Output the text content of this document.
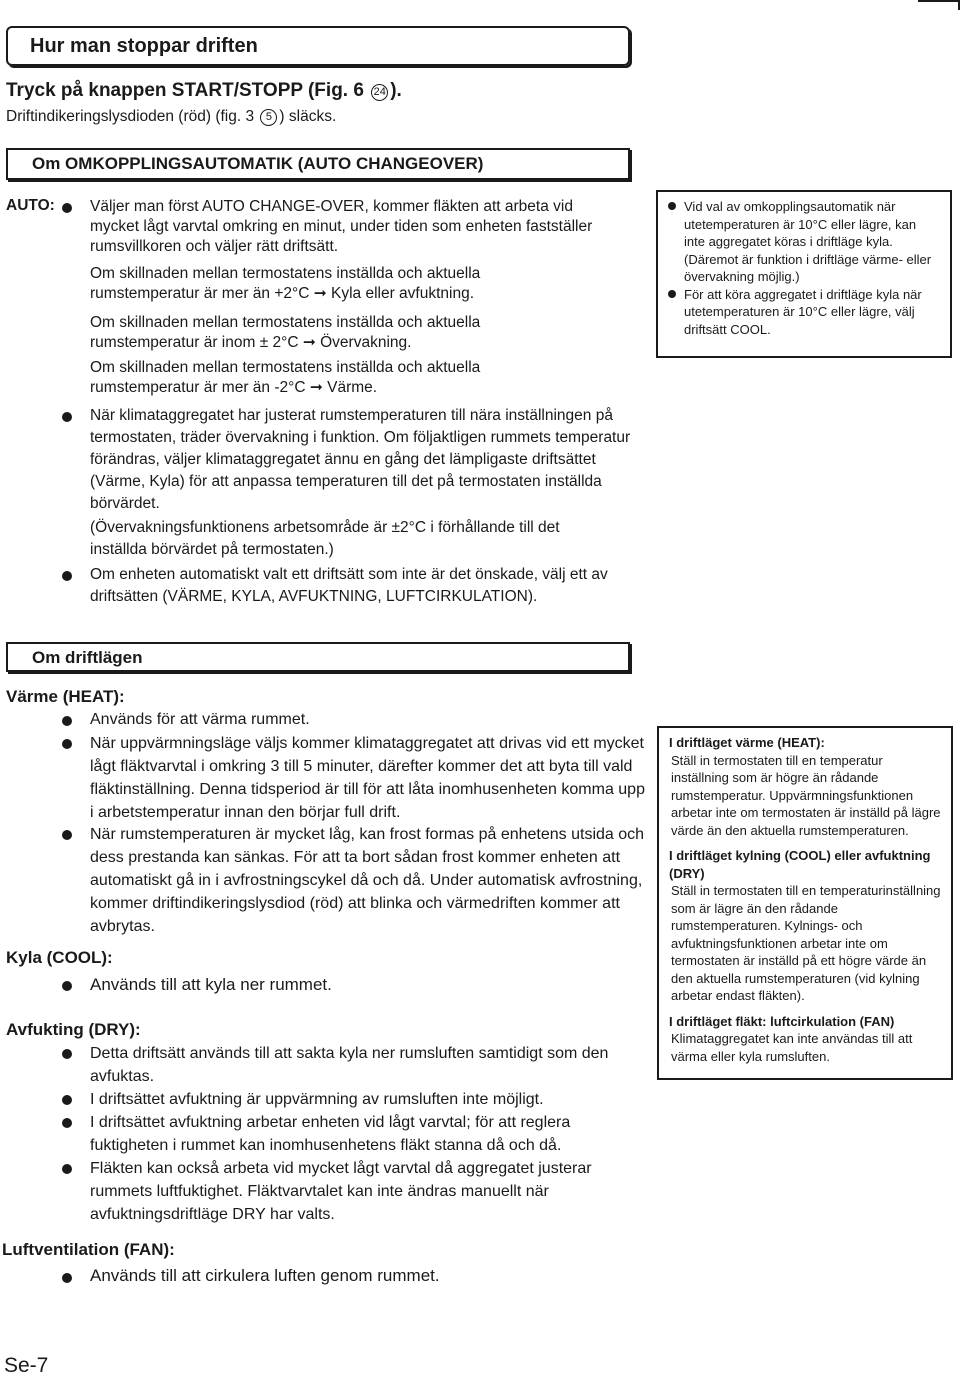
Hur man stoppar driften
Tryck på knappen START/STOPP (Fig. 6 24 ).
Driftindikeringslysdioden (röd) (fig. 3 5 ) släcks.
Om OMKOPPLINGSAUTOMATIK (AUTO CHANGEOVER)
AUTO: Väljer man först AUTO CHANGE-OVER, kommer fläkten att arbeta vid mycket lågt varvtal omkring en minut, under tiden som enheten fastställer rumsvillkoren och väljer rätt driftsätt.
Om skillnaden mellan termostatens inställda och aktuella rumstemperatur är mer än +2°C ➞ Kyla eller avfuktning.
Om skillnaden mellan termostatens inställda och aktuella rumstemperatur är inom ± 2°C ➞ Övervakning.
Om skillnaden mellan termostatens inställda och aktuella rumstemperatur är mer än -2°C ➞ Värme.
När klimataggregatet har justerat rumstemperaturen till nära inställningen på termostaten, träder övervakning i funktion. Om följaktligen rummets temperatur förändras, väljer klimataggregatet ännu en gång det lämpligaste driftsättet (Värme, Kyla) för att anpassa temperaturen till det på termostaten inställda börvärdet.
(Övervakningsfunktionens arbetsområde är ±2°C i förhållande till det inställda börvärdet på termostaten.)
Om enheten automatiskt valt ett driftsätt som inte är det önskade, välj ett av driftsätten (VÄRME, KYLA, AVFUKTNING, LUFTCIRKULATION).
Vid val av omkopplingsautomatik när utetemperaturen är 10°C eller lägre, kan inte aggregatet köras i driftläge kyla. (Däremot är funktion i driftläge värme- eller övervakning möjlig.)
För att köra aggregatet i driftläge kyla när utetemperaturen är 10°C eller lägre, välj driftsätt COOL.
Om driftlägen
Värme (HEAT):
Används för att värma rummet.
När uppvärmningsläge väljs kommer klimataggregatet att drivas vid ett mycket lågt fläktvarvtal i omkring 3 till 5 minuter, därefter kommer det att byta till vald fläktinställning. Denna tidsperiod är till för att låta inomhusenheten komma upp i arbetstemperatur innan den börjar full drift.
När rumstemperaturen är mycket låg, kan frost formas på enhetens utsida och dess prestanda kan sänkas. För att ta bort sådan frost kommer enheten att automatiskt gå in i avfrostningscykel då och då. Under automatisk avfrostning, kommer driftindikeringslysdiod (röd) att blinka och värmedriften kommer att avbrytas.
Kyla (COOL):
Används till att kyla ner rummet.
Avfukting (DRY):
Detta driftsätt används till att sakta kyla ner rumsluften samtidigt som den avfuktas.
I driftsättet avfuktning är uppvärmning av rumsluften inte möjligt.
I driftsättet avfuktning arbetar enheten vid lågt varvtal; för att reglera fuktigheten i rummet kan inomhusenhetens fläkt stanna då och då.
Fläkten kan också arbeta vid mycket lågt varvtal då aggregatet justerar rummets luftfuktighet. Fläktvarvtalet kan inte ändras manuellt när avfuktningsdriftläge DRY har valts.
Luftventilation (FAN):
Används till att cirkulera luften genom rummet.
I driftläget värme (HEAT):
Ställ in termostaten till en temperatur inställning som är högre än rådande rumstemperatur. Uppvärmningsfunktionen arbetar inte om termostaten är inställd på lägre värde än den aktuella rumstemperaturen.
I driftläget kylning (COOL) eller avfuktning (DRY)
Ställ in termostaten till en temperaturinställning som är lägre än den rådande rumstemperaturen. Kylnings- och avfuktningsfunktionen arbetar inte om termostaten är inställd på ett högre värde än den aktuella rumstemperaturen (vid kylning arbetar endast fläkten).
I driftläget fläkt: luftcirkulation (FAN)
Klimataggregatet kan inte användas till att värma eller kyla rumsluften.
Se-7
